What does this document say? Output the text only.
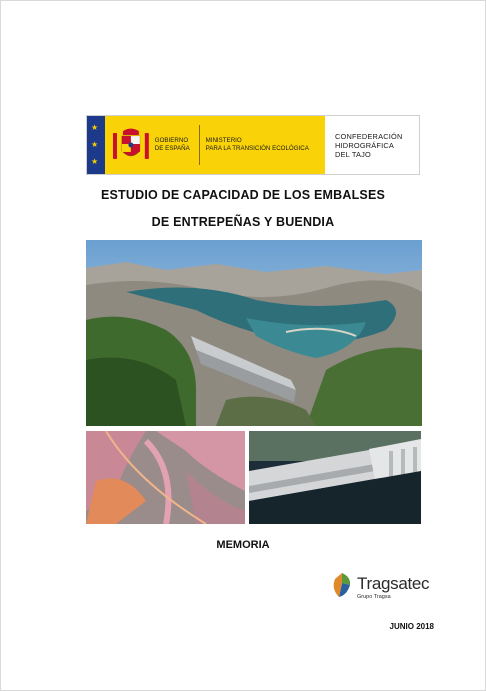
★
★
★
GOBIERNO
DE ESPAÑA
MINISTERIO
PARA LA TRANSICIÓN ECOLÓGICA
CONFEDERACIÓN
HIDROGRÁFICA
DEL TAJO
ESTUDIO DE CAPACIDAD DE LOS EMBALSES
DE ENTREPEÑAS Y BUENDIA
MEMORIA
Tragsatec
Grupo Tragsa
JUNIO 2018
